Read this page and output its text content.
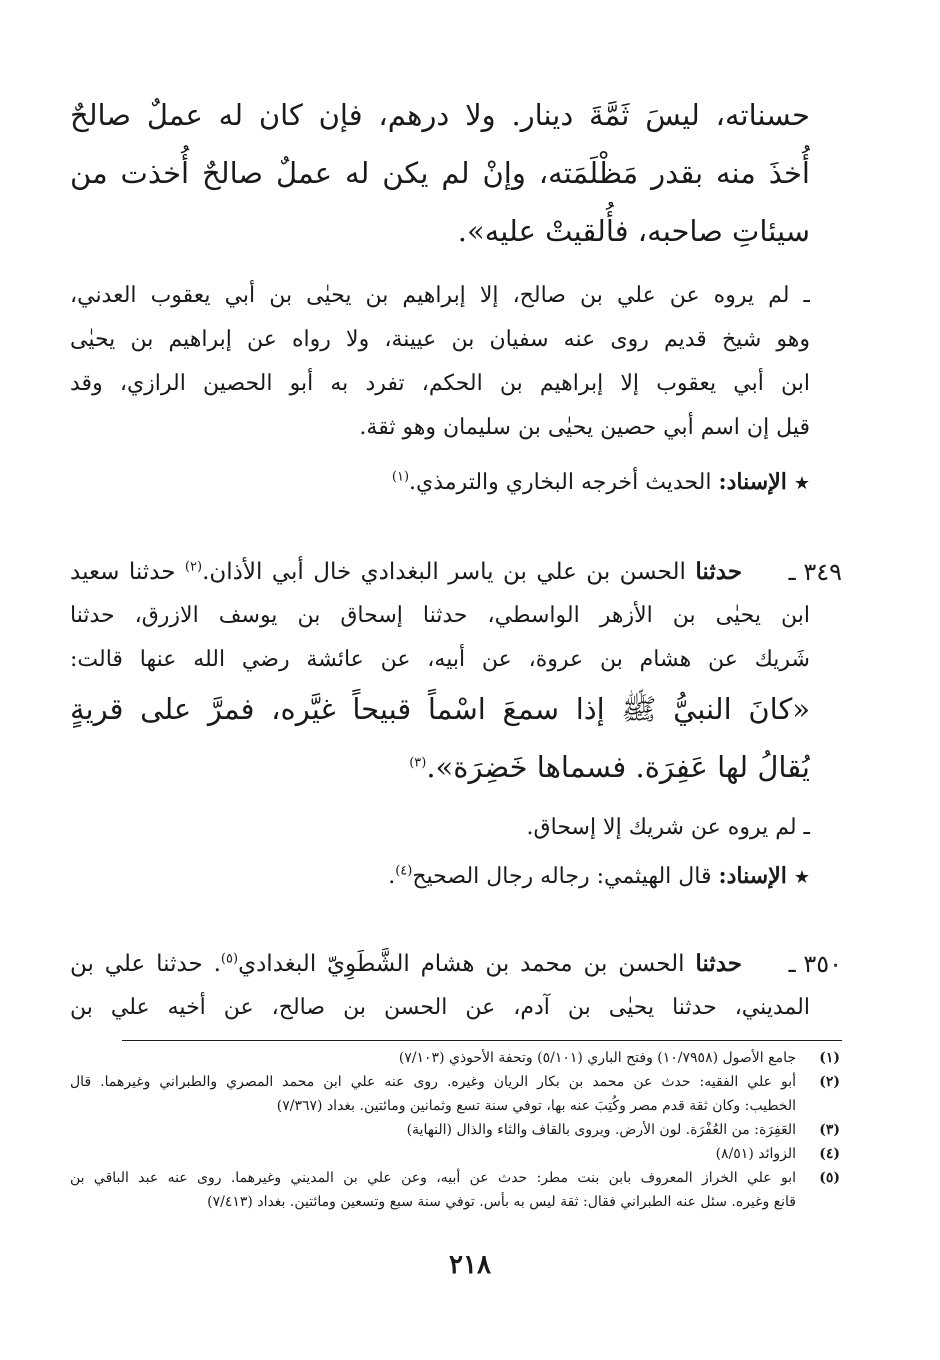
حسناته، ليسَ ثَمَّةَ دينار. ولا درهم، فإن كان له عملٌ صالحٌ
أُخذَ منه بقدر مَظْلَمَته، وإنْ لم يكن له عملٌ صالحٌ أُخذت من
سيئاتِ صاحبه، فأُلقيتْ عليه».
ـ لم يروه عن علي بن صالح، إلا إبراهيم بن يحيٰى بن أبي يعقوب العدني،
وهو شيخ قديم روى عنه سفيان بن عيينة، ولا رواه عن إبراهيم بن يحيٰى
ابن أبي يعقوب إلا إبراهيم بن الحكم، تفرد به أبو الحصين الرازي، وقد
قيل إن اسم أبي حصين يحيٰى بن سليمان وهو ثقة.
★ الإسناد: الحديث أخرجه البخاري والترمذي.$^{(١)}$
٣٤٩ ـ
حدثنا الحسن بن علي بن ياسر البغدادي خال أبي الأذان.$^{(٢)}$ حدثنا سعيد
ابن يحيٰى بن الأزهر الواسطي، حدثنا إسحاق بن يوسف الازرق، حدثنا
شَريك عن هشام بن عروة، عن أبيه، عن عائشة رضي الله عنها قالت:
«كانَ النبيُّ ﷺ إذا سمعَ اسْماً قبيحاً غيَّره، فمرَّ على قريةٍ
يُقالُ لها عَفِرَة. فسماها خَضِرَة».$^{(٣)}$
ـ لم يروه عن شريك إلا إسحاق.
★ الإسناد: قال الهيثمي: رجاله رجال الصحيح$^{(٤)}$.
٣٥٠ ـ
حدثنا الحسن بن محمد بن هشام الشَّطَوِيّ البغدادي$^{(٥)}$. حدثنا علي بن
المديني، حدثنا يحيٰى بن آدم، عن الحسن بن صالح، عن أخيه علي بن
(١)
جامع الأصول (١٠/٧٩٥٨) وفتح الباري (٥/١٠١) وتحفة الأحوذي (٧/١٠٣)
(٢)
أبو علي الفقيه: حدث عن محمد بن بكار الريان وغيره. روى عنه علي ابن محمد المصري والطبراني وغيرهما. قال
الخطيب: وكان ثقة قدم مصر وكُتِبَ عنه بها، توفي سنة تسع وثمانين ومائتين. بغداد (٧/٣٦٧)
(٣)
العَفِرَة: من العُفْرَة. لون الأرض. ويروى بالقاف والثاء والذال (النهاية)
(٤)
الزوائد (٨/٥١)
(٥)
ابو علي الخراز المعروف بابن بنت مطر: حدث عن أبيه، وعن علي بن المديني وغيرهما. روى عنه عبد الباقي بن
قانع وغيره. سئل عنه الطبراني فقال: ثقة ليس به بأس. توفي سنة سبع وتسعين ومائتين. بغداد (٧/٤١٣)
٢١٨
